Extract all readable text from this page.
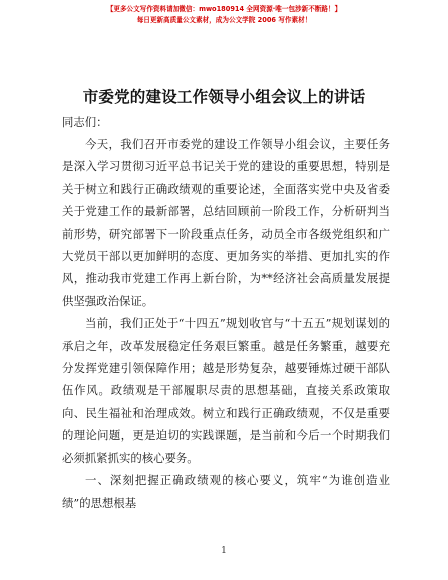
【更多公文写作资料请加微信：mwo180914 全网资源·唯一包涉新不断路！】
每日更新高质量公文素材，成为公文学院 2006 写作素材！
市委党的建设工作领导小组会议上的讲话
同志们：

今天，我们召开市委党的建设工作领导小组会议，主要任务是深入学习贯彻习近平总书记关于党的建设的重要思想，特别是关于树立和践行正确政绩观的重要论述，全面落实党中央及省委关于党建工作的最新部署，总结回顾前一阶段工作，分析研判当前形势，研究部署下一阶段重点任务，动员全市各级党组织和广大党员干部以更加鲜明的态度、更加务实的举措、更加扎实的作风，推动我市党建工作再上新台阶，为**经济社会高质量发展提供坚强政治保证。

当前，我们正处于“十四五”规划收官与“十五五”规划谋划的承启之年，改革发展稳定任务艰巨繁重。越是任务繁重，越要充分发挥党建引领保障作用；越是形势复杂，越要锤炼过硬干部队伍作风。政绩观是干部履职尽责的思想基础，直接关系政策取向、民生福祉和治理成效。树立和践行正确政绩观，不仅是重要的理论问题，更是迫切的实践课题，是当前和今后一个时期我们必须抓紧抓实的核心要务。

一、深刻把握正确政绩观的核心要义，筑牢“为谁创造业绩”的思想根基

1
